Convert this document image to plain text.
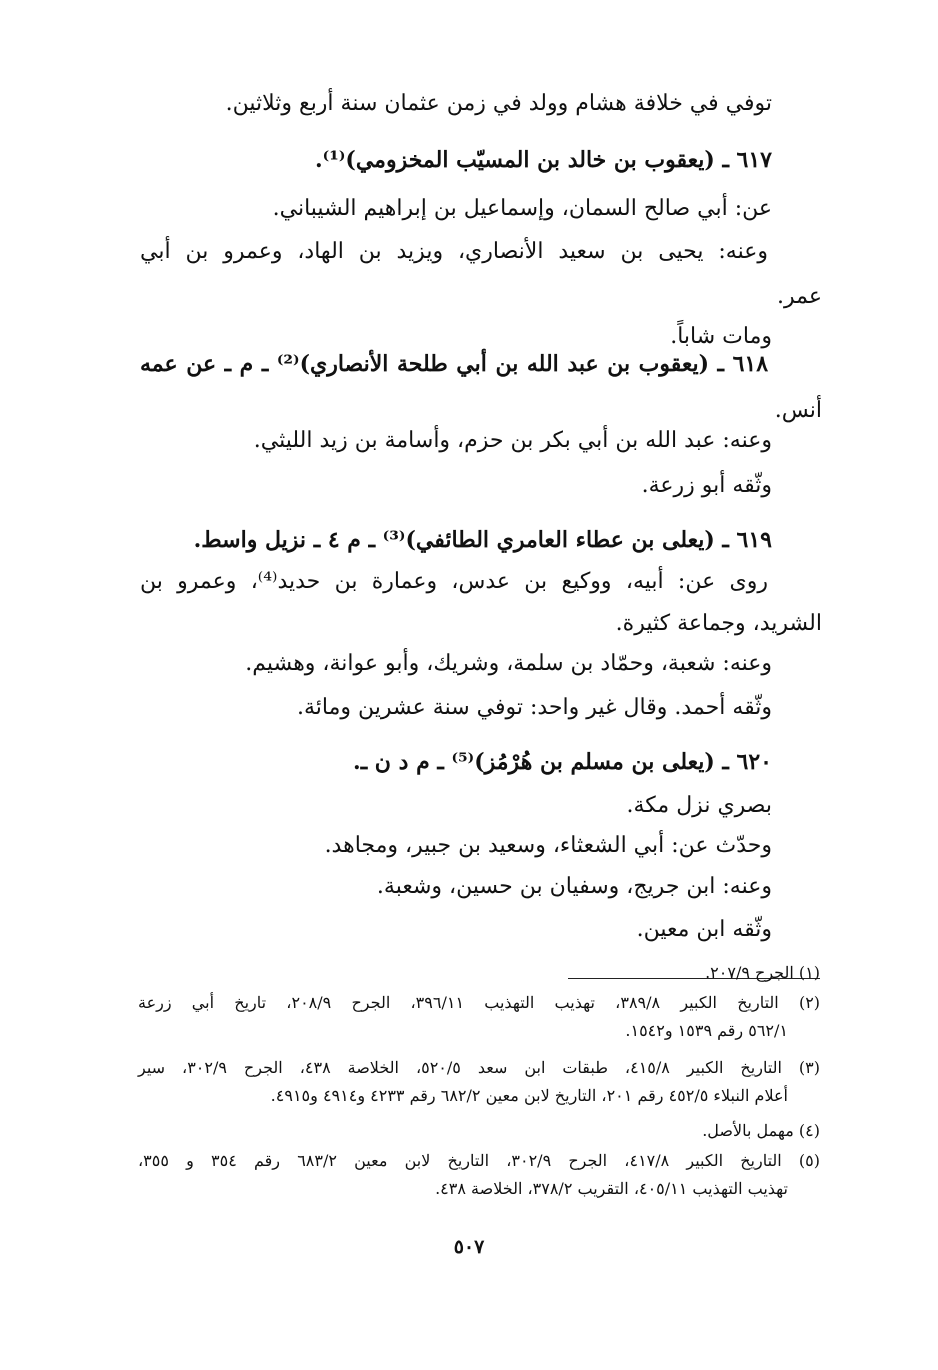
توفي في خلافة هشام وولد في زمن عثمان سنة أربع وثلاثين.
٦١٧ ـ (يعقوب بن خالد بن المسيّب المخزومي)⁽¹⁾.
عن: أبي صالح السمان، وإسماعيل بن إبراهيم الشيباني.
وعنه: يحيى بن سعيد الأنصاري، ويزيد بن الهاد، وعمرو بن أبي
عمر.
ومات شاباً.
٦١٨ ـ (يعقوب بن عبد الله بن أبي طلحة الأنصاري)⁽²⁾ ـ م ـ عن عمه
أنس.
وعنه: عبد الله بن أبي بكر بن حزم، وأسامة بن زيد الليثي.
وثّقه أبو زرعة.
٦١٩ ـ (يعلى بن عطاء العامري الطائفي)⁽³⁾ ـ م ٤ ـ نزيل واسط.
روى عن: أبيه، ووكيع بن عدس، وعمارة بن حديد⁽⁴⁾، وعمرو بن
الشريد، وجماعة كثيرة.
وعنه: شعبة، وحمّاد بن سلمة، وشريك، وأبو عوانة، وهشيم.
وثّقه أحمد. وقال غير واحد: توفي سنة عشرين ومائة.
٦٢٠ ـ (يعلى بن مسلم بن هُرْمُز)⁽⁵⁾ ـ م د ن ـ.
بصري نزل مكة.
وحدّث عن: أبي الشعثاء، وسعيد بن جبير، ومجاهد.
وعنه: ابن جريج، وسفيان بن حسين، وشعبة.
وثّقه ابن معين.
(١) الجرح ٢٠٧/٩.
(٢) التاريخ الكبير ٣٨٩/٨، تهذيب التهذيب ٣٩٦/١١، الجرح ٢٠٨/٩، تاريخ أبي زرعة
٥٦٢/١ رقم ١٥٣٩ و١٥٤٢.
(٣) التاريخ الكبير ٤١٥/٨، طبقات ابن سعد ٥٢٠/٥، الخلاصة ٤٣٨، الجرح ٣٠٢/٩، سير
أعلام النبلاء ٤٥٢/٥ رقم ٢٠١، التاريخ لابن معين ٦٨٢/٢ رقم ٤٢٣٣ و٤٩١٤ و٤٩١٥.
(٤) مهمل بالأصل.
(٥) التاريخ الكبير ٤١٧/٨، الجرح ٣٠٢/٩، التاريخ لابن معين ٦٨٣/٢ رقم ٣٥٤ و ٣٥٥،
تهذيب التهذيب ٤٠٥/١١، التقريب ٣٧٨/٢، الخلاصة ٤٣٨.
٥٠٧
